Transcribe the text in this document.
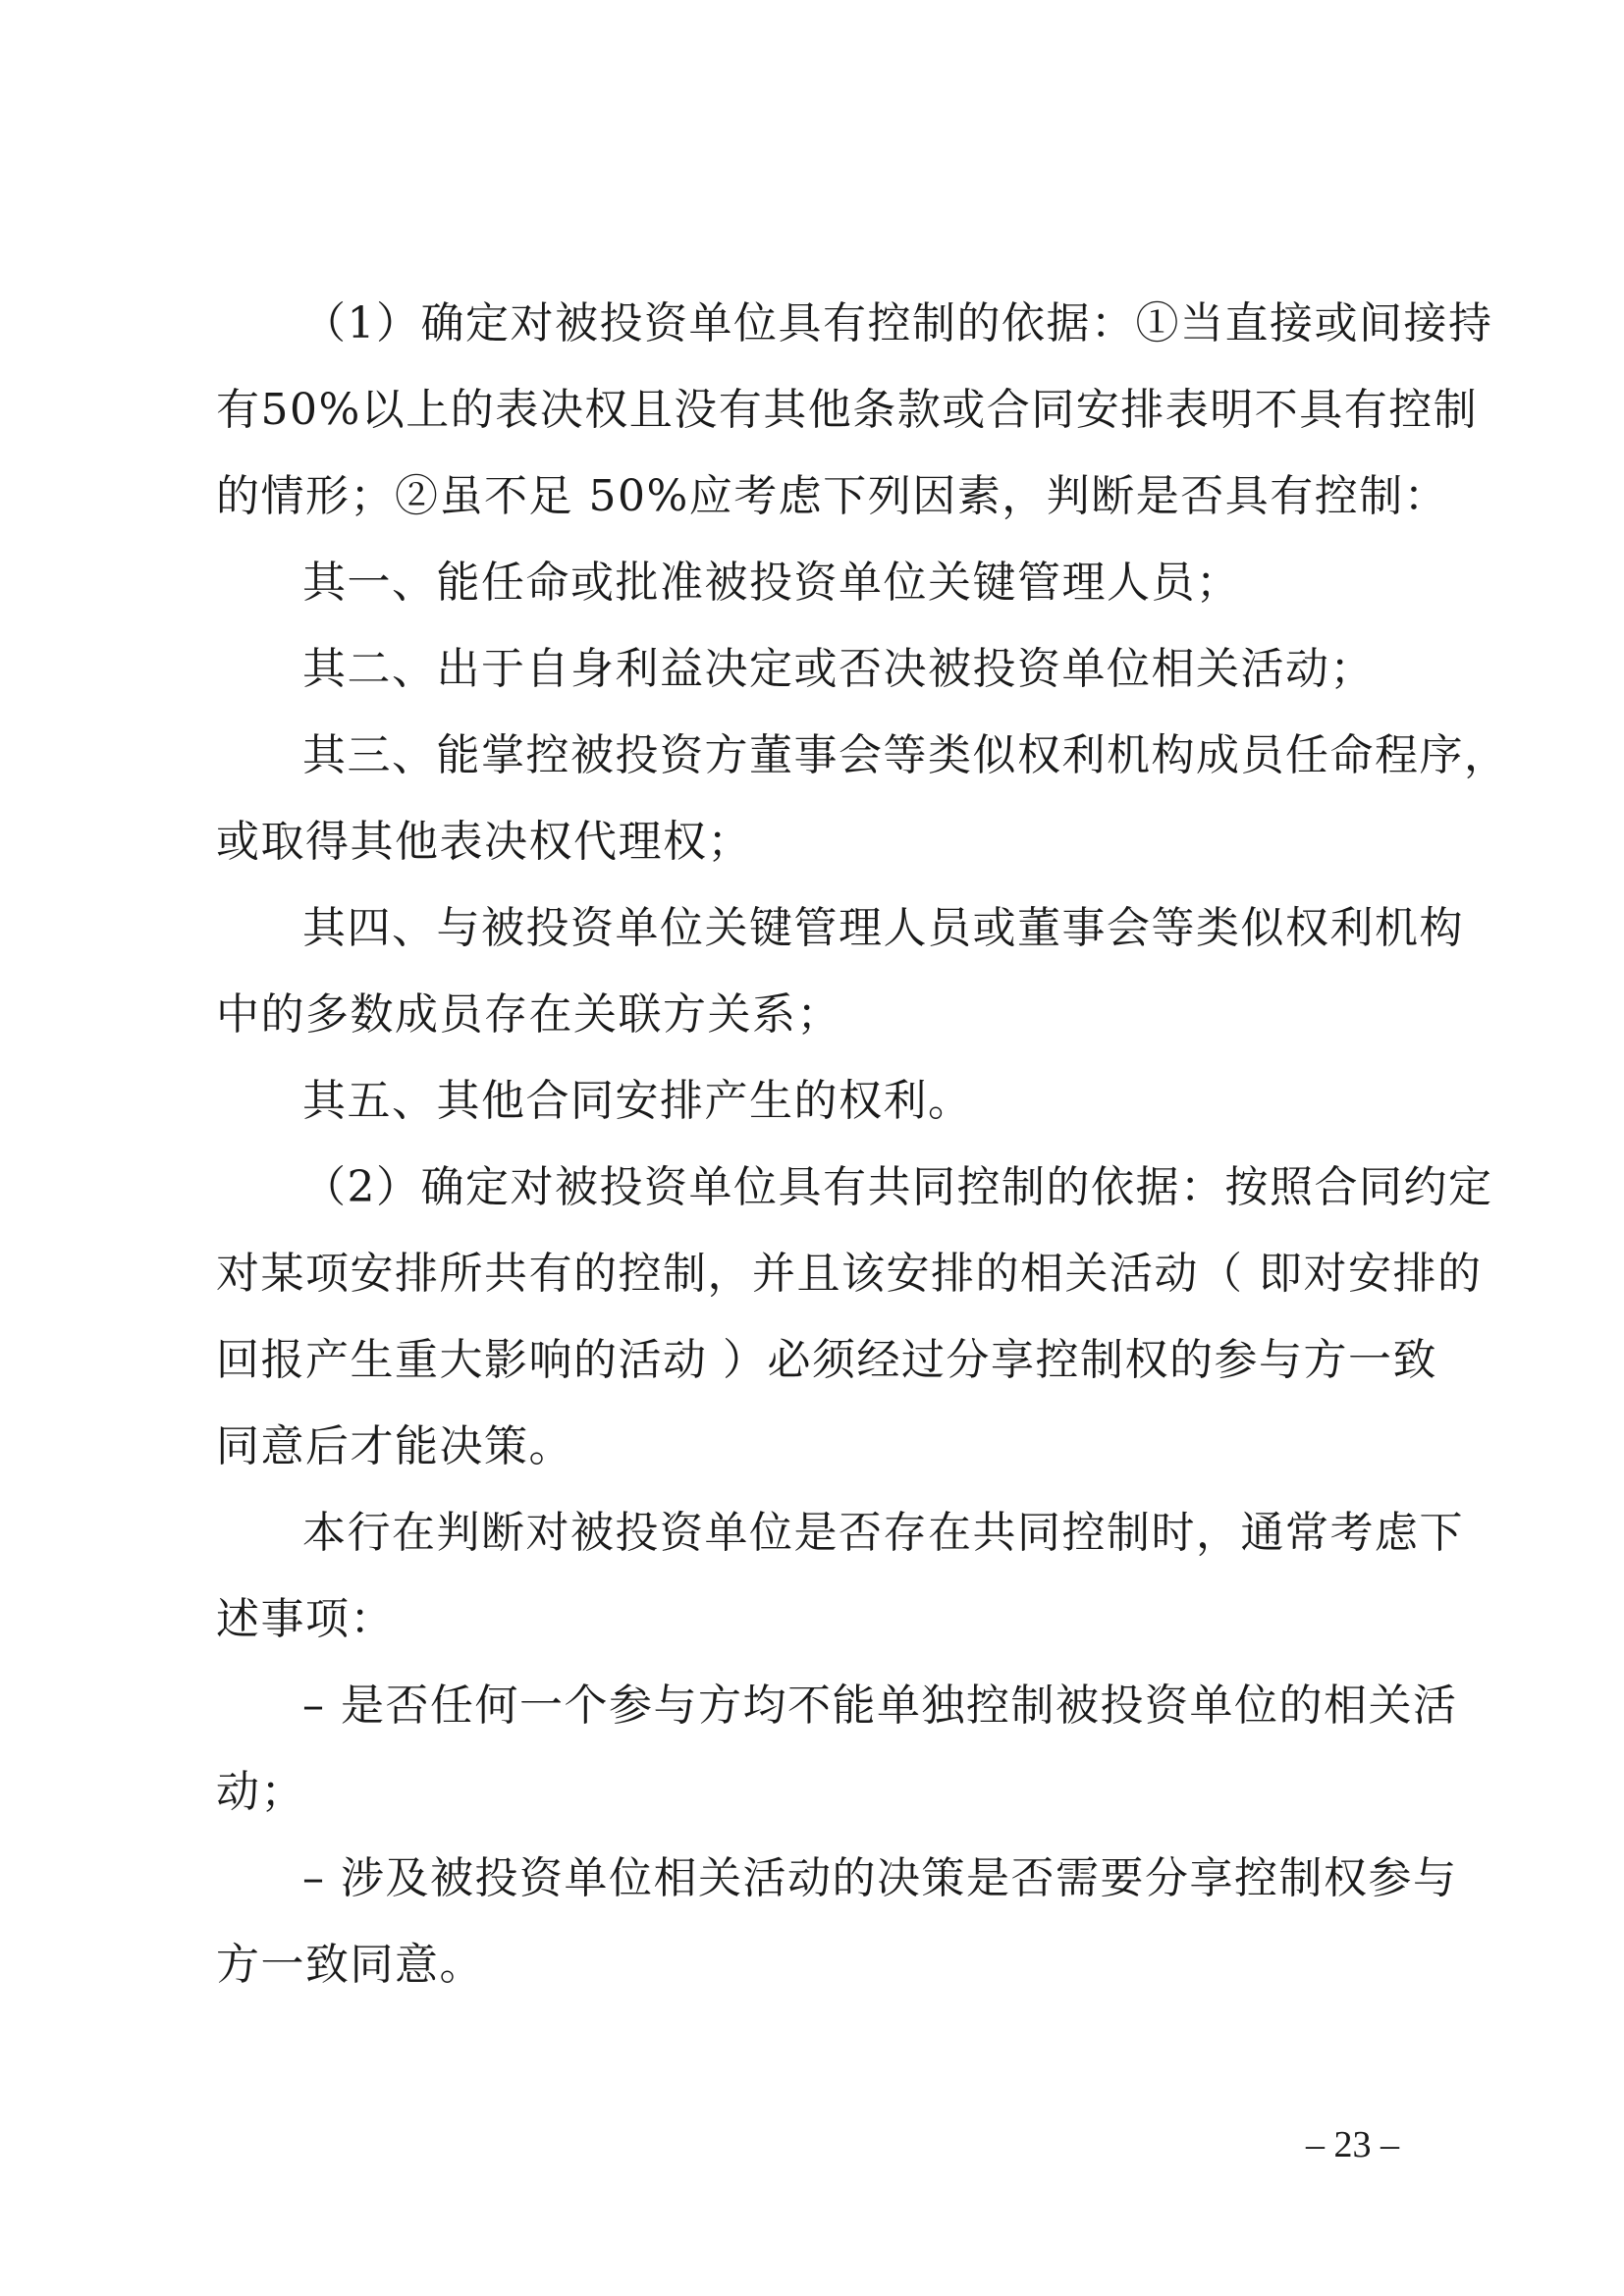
（1）确定对被投资单位具有控制的依据：①当直接或间接持
有50%以上的表决权且没有其他条款或合同安排表明不具有控制
的情形；②虽不足 50%应考虑下列因素，判断是否具有控制：
其一、能任命或批准被投资单位关键管理人员；
其二、出于自身利益决定或否决被投资单位相关活动；
其三、能掌控被投资方董事会等类似权利机构成员任命程序，
或取得其他表决权代理权；
其四、与被投资单位关键管理人员或董事会等类似权利机构
中的多数成员存在关联方关系；
其五、其他合同安排产生的权利。
（2）确定对被投资单位具有共同控制的依据：按照合同约定
对某项安排所共有的控制，并且该安排的相关活动（ 即对安排的
回报产生重大影响的活动 ）必须经过分享控制权的参与方一致
同意后才能决策。
本行在判断对被投资单位是否存在共同控制时，通常考虑下
述事项：
– 是否任何一个参与方均不能单独控制被投资单位的相关活
动；
– 涉及被投资单位相关活动的决策是否需要分享控制权参与
方一致同意。
– 23 –
